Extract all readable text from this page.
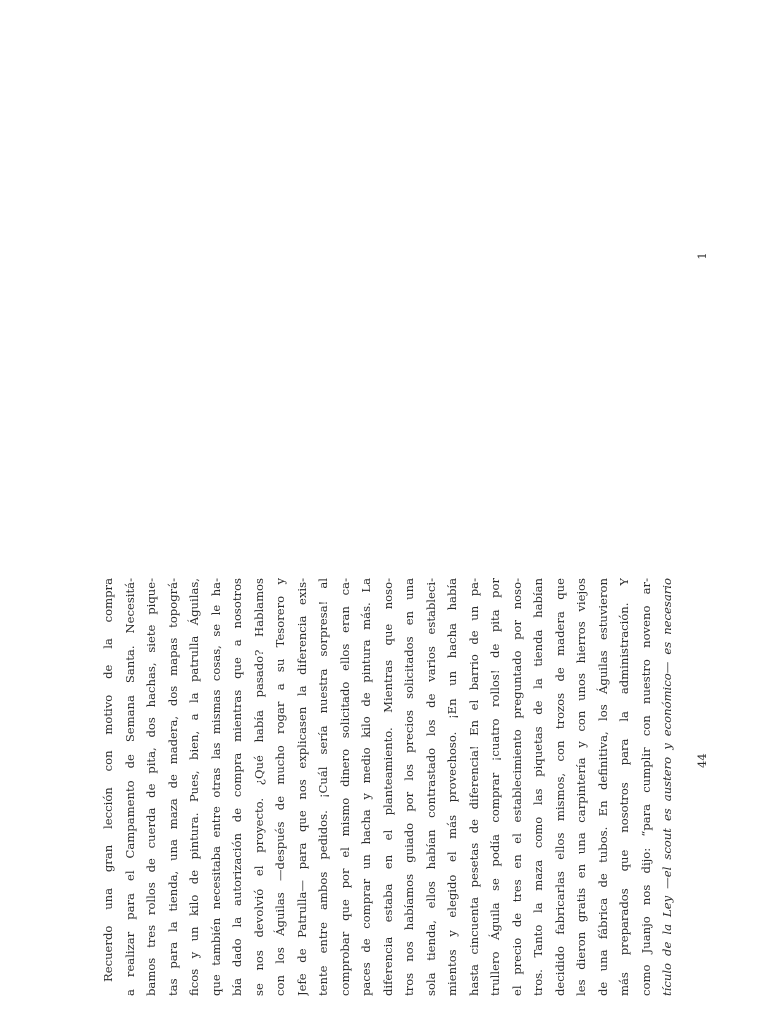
Recuerdo una gran lección con motivo de la compra a realizar para el Campamento de Semana Santa. Necesitá- bamos tres rollos de cuerda de pita, dos hachas, siete pique- tas para la tienda, una maza de madera, dos mapas topográ- ficos y un kilo de pintura. Pues, bien, a la patrulla Águilas, que también necesitaba entre otras las mismas cosas, se le ha- bía dado la autorización de compra mientras que a nosotros se nos devolvió el proyecto. ¿Qué había pasado? Hablamos con los Águilas —después de mucho rogar a su Tesorero y Jefe de Patrulla— para que nos explicasen la diferencia exis- tente entre ambos pedidos. ¡Cuál sería nuestra sorpresa! al comprobar que por el mismo dinero solicitado ellos eran ca- paces de comprar un hacha y medio kilo de pintura más. La diferencia estaba en el planteamiento. Mientras que noso- tros nos habíamos guiado por los precios solicitados en una sola tienda, ellos habían contrastado los de varios estableci- mientos y elegido el más provechoso. ¡En un hacha había hasta cincuenta pesetas de diferencia! En el barrio de un pa- trullero Águila se podía comprar ¡cuatro rollos! de pita por el precio de tres en el establecimiento preguntado por noso- tros. Tanto la maza como las piquetas de la tienda habían decidido fabricarlas ellos mismos, con trozos de madera que les dieron gratis en una carpintería y con unos hierros viejos de una fábrica de tubos. En definitiva, los Águilas estuvieron más preparados que nosotros para la administración. Y como Juanjo nos dijo: “para cumplir con nuestro noveno ar- tículo de la Ley —el scout es austero y económico— es necesario	44
1
